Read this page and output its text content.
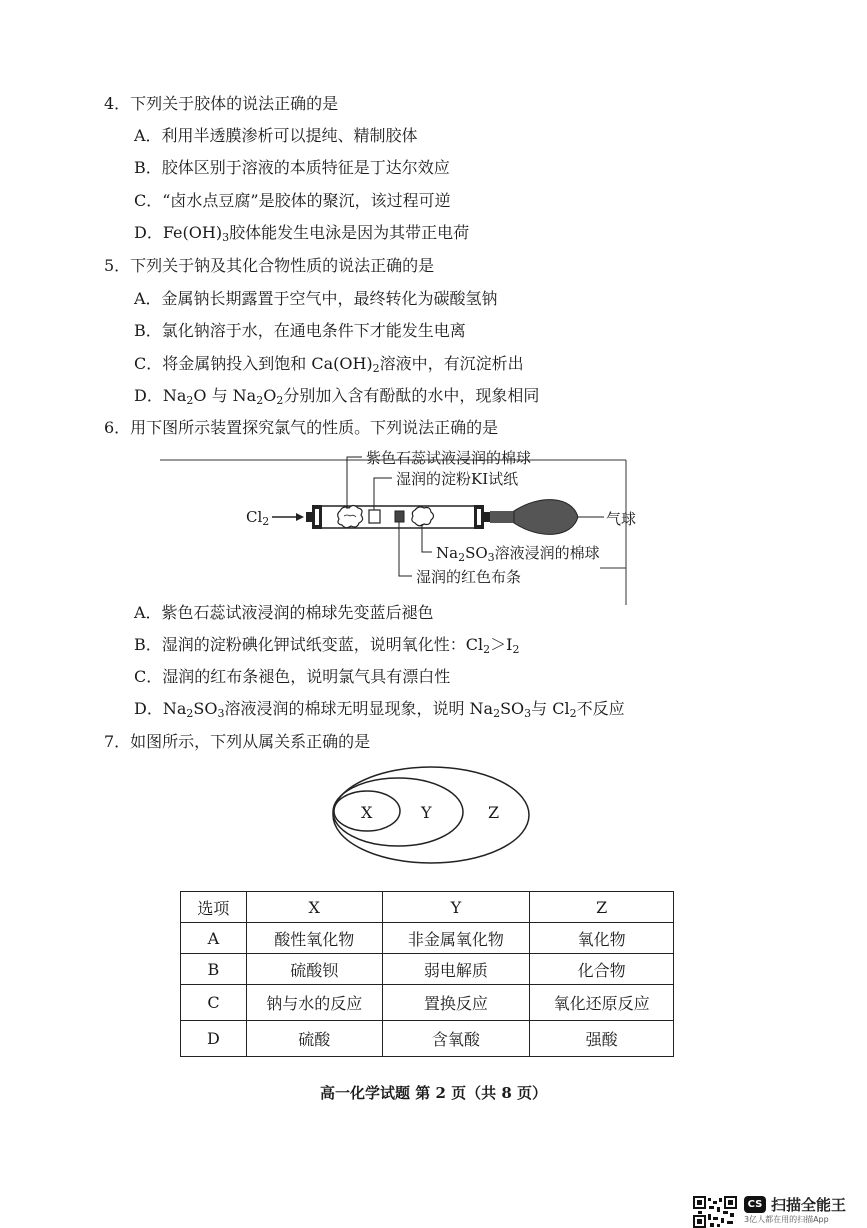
4．下列关于胶体的说法正确的是
A．利用半透膜渗析可以提纯、精制胶体
B．胶体区别于溶液的本质特征是丁达尔效应
C．“卤水点豆腐”是胶体的聚沉，该过程可逆
D．$Fe(OH)_3$胶体能发生电泳是因为其带正电荷
5．下列关于钠及其化合物性质的说法正确的是
A．金属钠长期露置于空气中，最终转化为碳酸氢钠
B．氯化钠溶于水，在通电条件下才能发生电离
C．将金属钠投入到饱和 $Ca(OH)_2$溶液中，有沉淀析出
D．$Na_2O$ 与 $Na_2O_2$分别加入含有酚酞的水中，现象相同
6．用下图所示装置探究氯气的性质。下列说法正确的是
紫色石蕊试液浸润的棉球
湿润的淀粉KI试纸
$Cl_2$	气球
$Na_2SO_3$溶液浸润的棉球
湿润的红色布条
A．紫色石蕊试液浸润的棉球先变蓝后褪色
B．湿润的淀粉碘化钾试纸变蓝，说明氧化性：$Cl_2>I_2$
C．湿润的红布条褪色，说明氯气具有漂白性
D．$Na_2SO_3$溶液浸润的棉球无明显现象，说明 $Na_2SO_3$与 $Cl_2$不反应
7．如图所示，下列从属关系正确的是
X	Y	Z
选项	X	Y	Z
A	酸性氧化物	非金属氧化物	氧化物
B	硫酸钡	弱电解质	化合物
C	钠与水的反应	置换反应	氧化还原反应
D	硫酸	含氧酸	强酸
高一化学试题 第 2 页（共 8 页）
CS 扫描全能王
3亿人都在用的扫描App
